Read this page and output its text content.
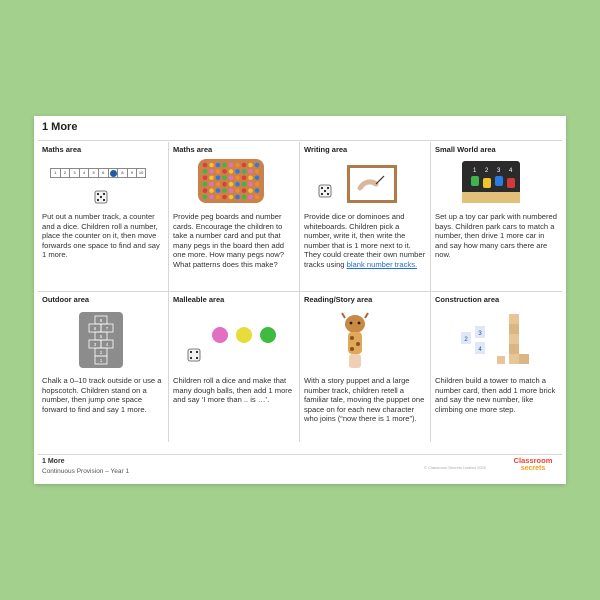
1 More
Maths area
1	2	3	4	5	6	8	9	10
Put out a number track, a counter and a dice. Children roll a number, place the counter on it, then move forwards one space to find and say 1 more.
Maths area
Provide peg boards and number cards. Encourage the children to take a number card and put that many pegs in the board then add one more. How many pegs now? What patterns does this make?
Writing area
Provide dice or dominoes and whiteboards. Children pick a number, write it, then write the number that is 1 more next to it. They could create their own number tracks using blank number tracks.
Small World area
1 2 3 4
Set up a toy car park with numbered bays. Children park cars to match a number, then drive 1 more car in and say how many cars there are now.
Outdoor area
1
2
3 4
5
6 7
8
Chalk a 0–10 track outside or use a hopscotch. Children stand on a number, then jump one space forward to find and say 1 more.
Malleable area
Children roll a dice and make that many dough balls, then add 1 more and say ‘I more than .. is …’.
Reading/Story area
With a story puppet and a large number track, children retell a familiar tale, moving the puppet one space on for each new character who joins (“now there is 1 more”).
Construction area
2
3
4
Children build a tower to match a number card, then add 1 more brick and say the new number, like climbing one more step.
1 More
Continuous Provision – Year 1
© Classroom Secrets Limited 2025
Classroom
secrets
